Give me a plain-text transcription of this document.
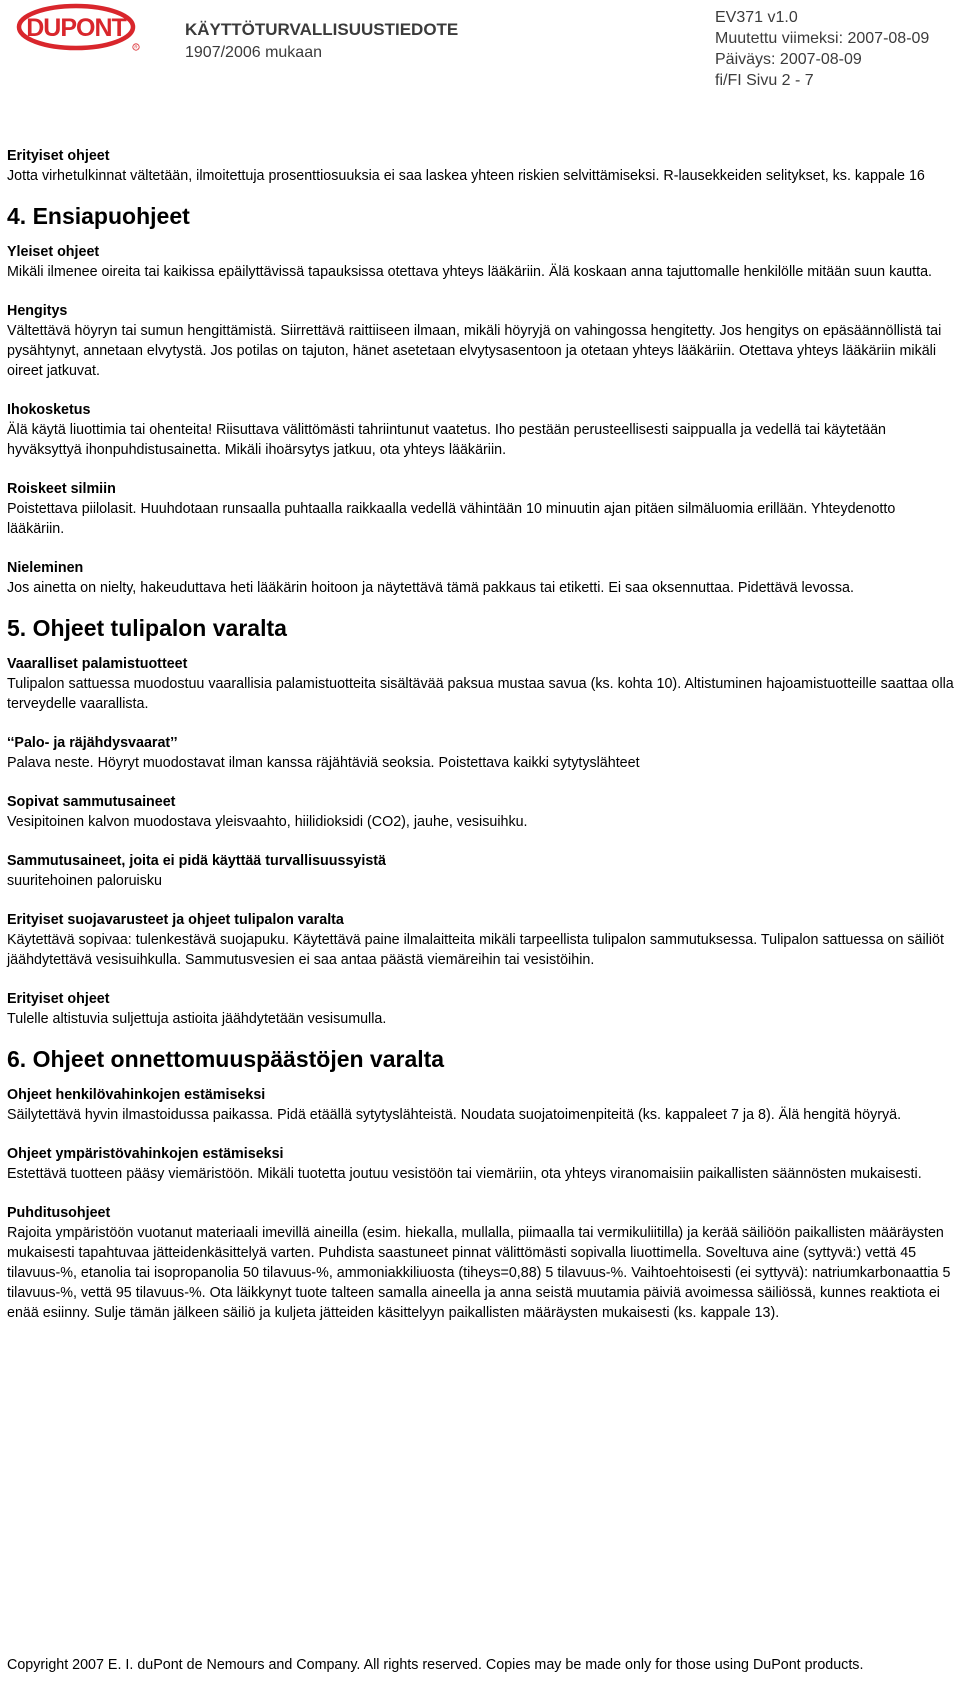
DUPONT
R
KÄYTTÖTURVALLISUUSTIEDOTE
1907/2006 mukaan
EV371 v1.0
Muutettu viimeksi: 2007-08-09
Päiväys: 2007-08-09
fi/FI Sivu 2 - 7
Erityiset ohjeet

Jotta virhetulkinnat vältetään, ilmoitettuja prosenttiosuuksia ei saa laskea yhteen riskien selvittämiseksi. R-lausekkeiden selitykset, ks. kappale 16

4. Ensiapuohjeet
Yleiset ohjeet

Mikäli ilmenee oireita tai kaikissa epäilyttävissä tapauksissa otettava yhteys lääkäriin. Älä koskaan anna tajuttomalle henkilölle mitään suun kautta.

Hengitys

Vältettävä höyryn tai sumun hengittämistä. Siirrettävä raittiiseen ilmaan, mikäli höyryjä on vahingossa hengitetty. Jos hengitys on epäsäännöllistä tai pysähtynyt, annetaan elvytystä. Jos potilas on tajuton, hänet asetetaan elvytysasentoon ja otetaan yhteys lääkäriin. Otettava yhteys lääkäriin mikäli oireet jatkuvat.

Ihokosketus

Älä käytä liuottimia tai ohenteita! Riisuttava välittömästi tahriintunut vaatetus. Iho pestään perusteellisesti saippualla ja vedellä tai käytetään hyväksyttyä ihonpuhdistusainetta. Mikäli ihoärsytys jatkuu, ota yhteys lääkäriin.

Roiskeet silmiin

Poistettava piilolasit. Huuhdotaan runsaalla puhtaalla raikkaalla vedellä vähintään 10 minuutin ajan pitäen silmäluomia erillään. Yhteydenotto lääkäriin.

Nieleminen

Jos ainetta on nielty, hakeuduttava heti lääkärin hoitoon ja näytettävä tämä pakkaus tai etiketti. Ei saa oksennuttaa. Pidettävä levossa.

5. Ohjeet tulipalon varalta
Vaaralliset palamistuotteet

Tulipalon sattuessa muodostuu vaarallisia palamistuotteita sisältävää paksua mustaa savua (ks. kohta 10). Altistuminen hajoamistuotteille saattaa olla terveydelle vaarallista.

‘‘Palo- ja räjähdysvaarat’’

Palava neste. Höyryt muodostavat ilman kanssa räjähtäviä seoksia. Poistettava kaikki sytytyslähteet

Sopivat sammutusaineet

Vesipitoinen kalvon muodostava yleisvaahto, hiilidioksidi (CO2), jauhe, vesisuihku.

Sammutusaineet, joita ei pidä käyttää turvallisuussyistä

suuritehoinen paloruisku

Erityiset suojavarusteet ja ohjeet tulipalon varalta

Käytettävä sopivaa: tulenkestävä suojapuku. Käytettävä paine ilmalaitteita mikäli tarpeellista tulipalon sammutuksessa. Tulipalon sattuessa on säiliöt jäähdytettävä vesisuihkulla. Sammutusvesien ei saa antaa päästä viemäreihin tai vesistöihin.

Erityiset ohjeet

Tulelle altistuvia suljettuja astioita jäähdytetään vesisumulla.

6. Ohjeet onnettomuuspäästöjen varalta
Ohjeet henkilövahinkojen estämiseksi

Säilytettävä hyvin ilmastoidussa paikassa. Pidä etäällä sytytyslähteistä. Noudata suojatoimenpiteitä (ks. kappaleet 7 ja 8). Älä hengitä höyryä.

Ohjeet ympäristövahinkojen estämiseksi

Estettävä tuotteen pääsy viemäristöön. Mikäli tuotetta joutuu vesistöön tai viemäriin, ota yhteys viranomaisiin paikallisten säännösten mukaisesti.

Puhditusohjeet

Rajoita ympäristöön vuotanut materiaali imevillä aineilla (esim. hiekalla, mullalla, piimaalla tai vermikuliitilla) ja kerää säiliöön paikallisten määräysten mukaisesti tapahtuvaa jätteidenkäsittelyä varten. Puhdista saastuneet pinnat välittömästi sopivalla liuottimella. Soveltuva aine (syttyvä:) vettä 45 tilavuus-%, etanolia tai isopropanolia 50 tilavuus-%, ammoniakkiliuosta (tiheys=0,88) 5 tilavuus-%. Vaihtoehtoisesti (ei syttyvä): natriumkarbonaattia 5 tilavuus-%, vettä 95 tilavuus-%. Ota läikkynyt tuote talteen samalla aineella ja anna seistä muutamia päiviä avoimessa säiliössä, kunnes reaktiota ei enää esiinny. Sulje tämän jälkeen säiliö ja kuljeta jätteiden käsittelyyn paikallisten määräysten mukaisesti (ks. kappale 13).

Copyright 2007 E. I. duPont de Nemours and Company. All rights reserved. Copies may be made only for those using DuPont products.
